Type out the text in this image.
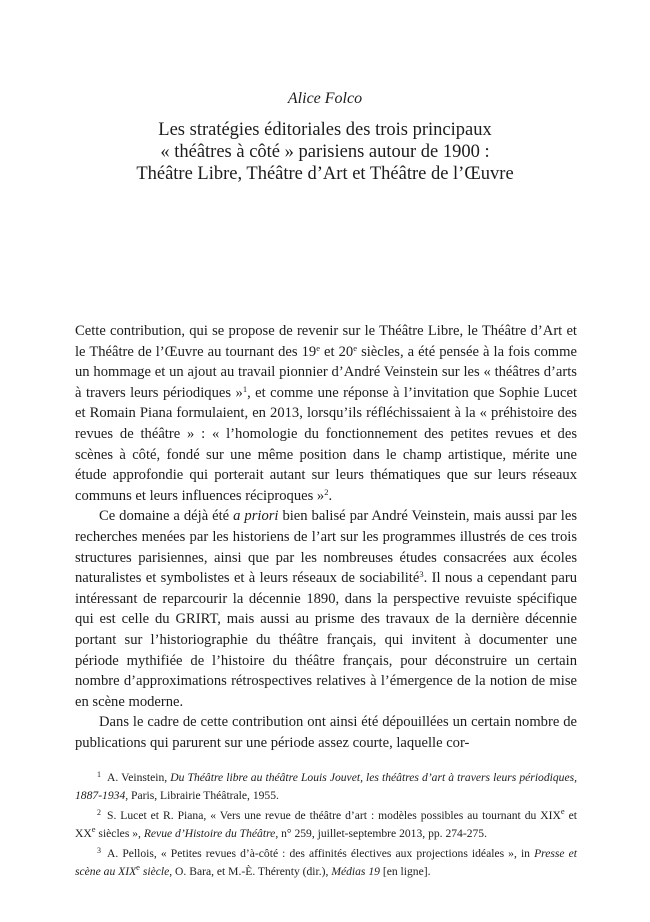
Alice Folco
Les stratégies éditoriales des trois principaux
« théâtres à côté » parisiens autour de 1900 :
Théâtre Libre, Théâtre d’Art et Théâtre de l’Œuvre

Cette contribution, qui se propose de revenir sur le Théâtre Libre, le Théâtre d’Art et le Théâtre de l’Œuvre au tournant des 19e et 20e siècles, a été pensée à la fois comme un hommage et un ajout au travail pionnier d’André Veinstein sur les « théâtres d’arts à travers leurs périodiques »$^1$, et comme une réponse à l’invitation que Sophie Lucet et Romain Piana formulaient, en 2013, lorsqu’ils réfléchissaient à la « préhistoire des revues de théâtre » : « l’homologie du fonctionnement des petites revues et des scènes à côté, fondé sur une même position dans le champ artistique, mérite une étude approfondie qui porterait autant sur leurs thématiques que sur leurs réseaux communs et leurs influences réciproques »$^2$.

Ce domaine a déjà été a priori bien balisé par André Veinstein, mais aussi par les recherches menées par les historiens de l’art sur les programmes illustrés de ces trois structures parisiennes, ainsi que par les nombreuses études consacrées aux écoles naturalistes et symbolistes et à leurs réseaux de sociabilité$^3$. Il nous a cependant paru intéressant de reparcourir la décennie 1890, dans la perspective revuiste spécifique qui est celle du GRIRT, mais aussi au prisme des travaux de la dernière décennie portant sur l’historiographie du théâtre français, qui invitent à documenter une période mythifiée de l’histoire du théâtre français, pour déconstruire un certain nombre d’approximations rétrospectives relatives à l’émergence de la notion de mise en scène moderne.

Dans le cadre de cette contribution ont ainsi été dépouillées un certain nombre de publications qui parurent sur une période assez courte, laquelle cor-

$^1$ A. Veinstein, Du Théâtre libre au théâtre Louis Jouvet, les théâtres d’art à travers leurs périodiques, 1887-1934, Paris, Librairie Théâtrale, 1955.

$^2$ S. Lucet et R. Piana, « Vers une revue de théâtre d’art : modèles possibles au tournant du XIXe et XXe siècles », Revue d’Histoire du Théâtre, n° 259, juillet-septembre 2013, pp. 274-275.

$^3$ A. Pellois, « Petites revues d’à-côté : des affinités électives aux projections idéales », in Presse et scène au XIXe siècle, O. Bara, et M.-È. Thérenty (dir.), Médias 19 [en ligne].
